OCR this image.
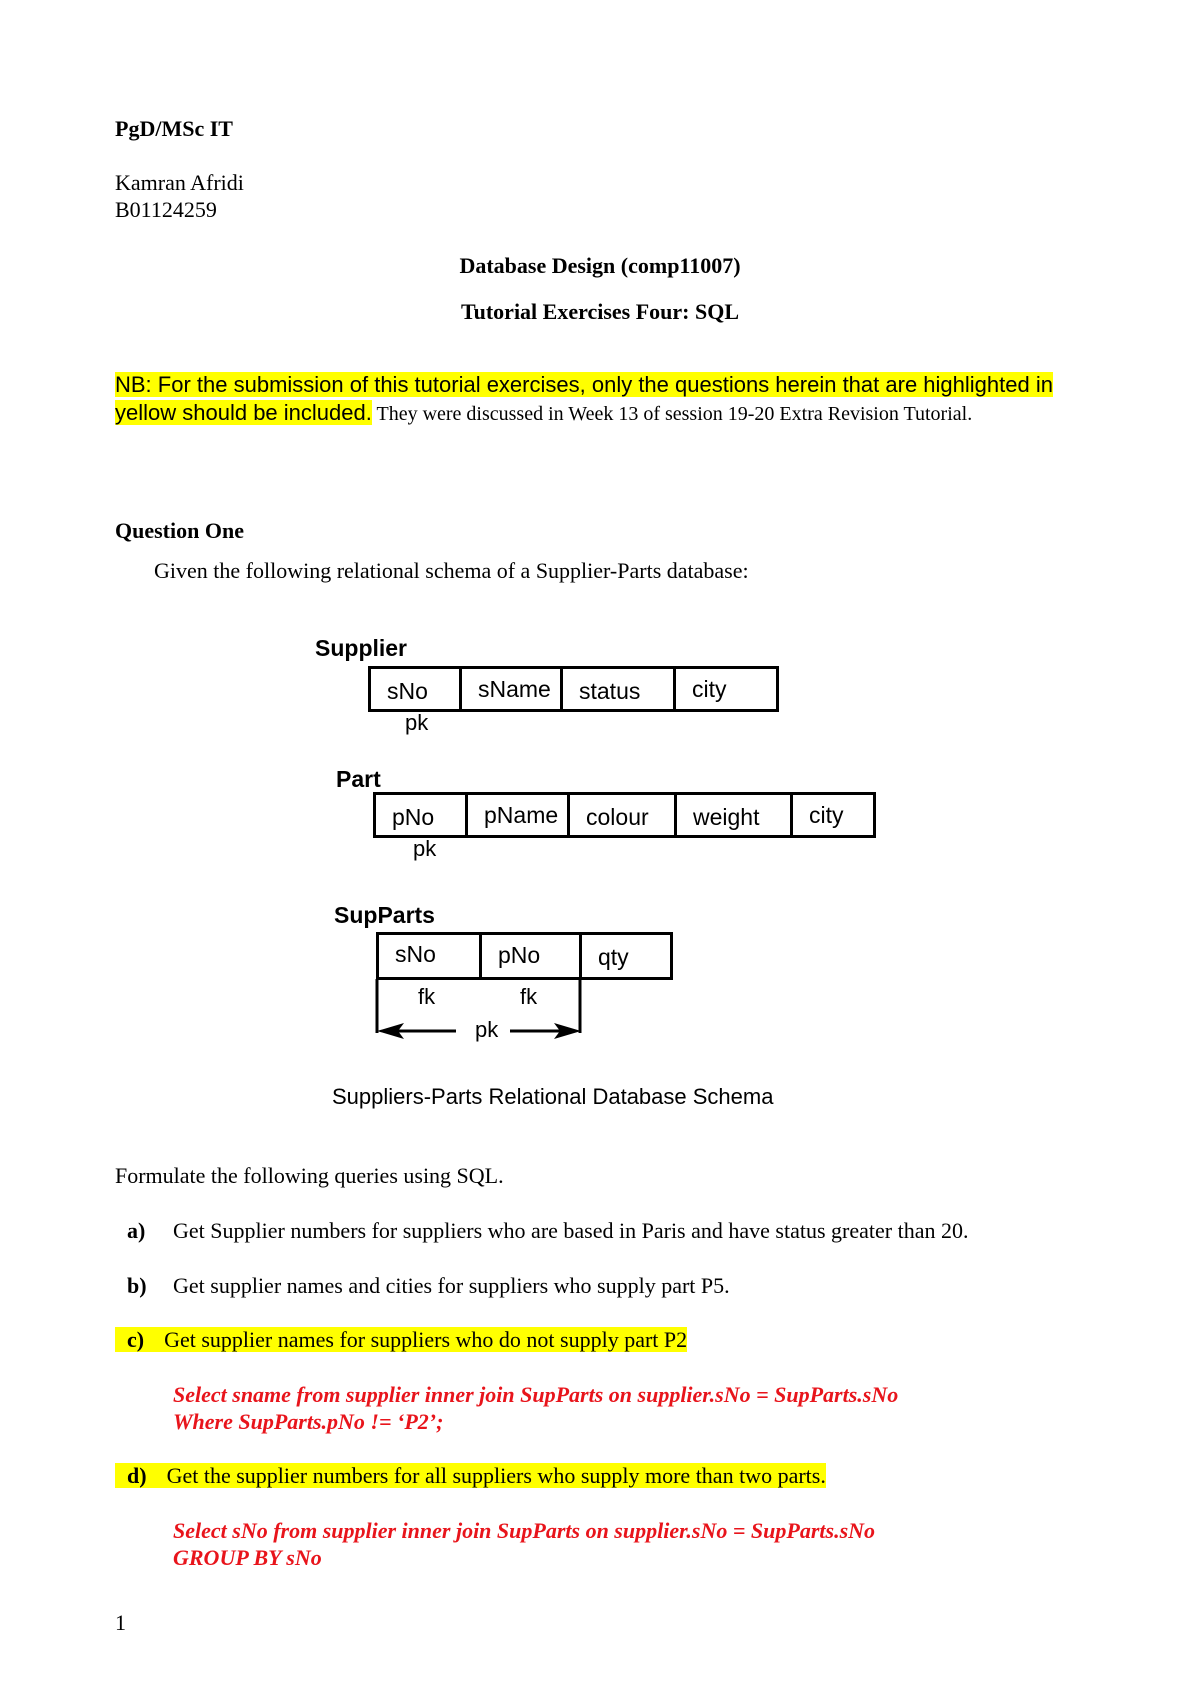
PgD/MSc IT
Kamran Afridi
B01124259
Database Design (comp11007)
Tutorial Exercises Four: SQL
NB: For the submission of this tutorial exercises, only the questions herein that are highlighted in
yellow should be included. They were discussed in Week 13 of session 19-20 Extra Revision Tutorial.
Question One
Given the following relational schema of a Supplier-Parts database:
Supplier
sNo	sName	status	city
pk
Part
pNo	pName	colour	weight	city
pk
SupParts
sNo	pNo	qty
fk	fk
pk
Suppliers-Parts Relational Database Schema
Formulate the following queries using SQL.
a) Get Supplier numbers for suppliers who are based in Paris and have status greater than 20.
b) Get supplier names and cities for suppliers who supply part P5.
c) Get supplier names for suppliers who do not supply part P2
Select sname from supplier inner join SupParts on supplier.sNo = SupParts.sNo
Where SupParts.pNo != ‘P2’;
d) Get the supplier numbers for all suppliers who supply more than two parts.
Select sNo from supplier inner join SupParts on supplier.sNo = SupParts.sNo
GROUP BY sNo
1
